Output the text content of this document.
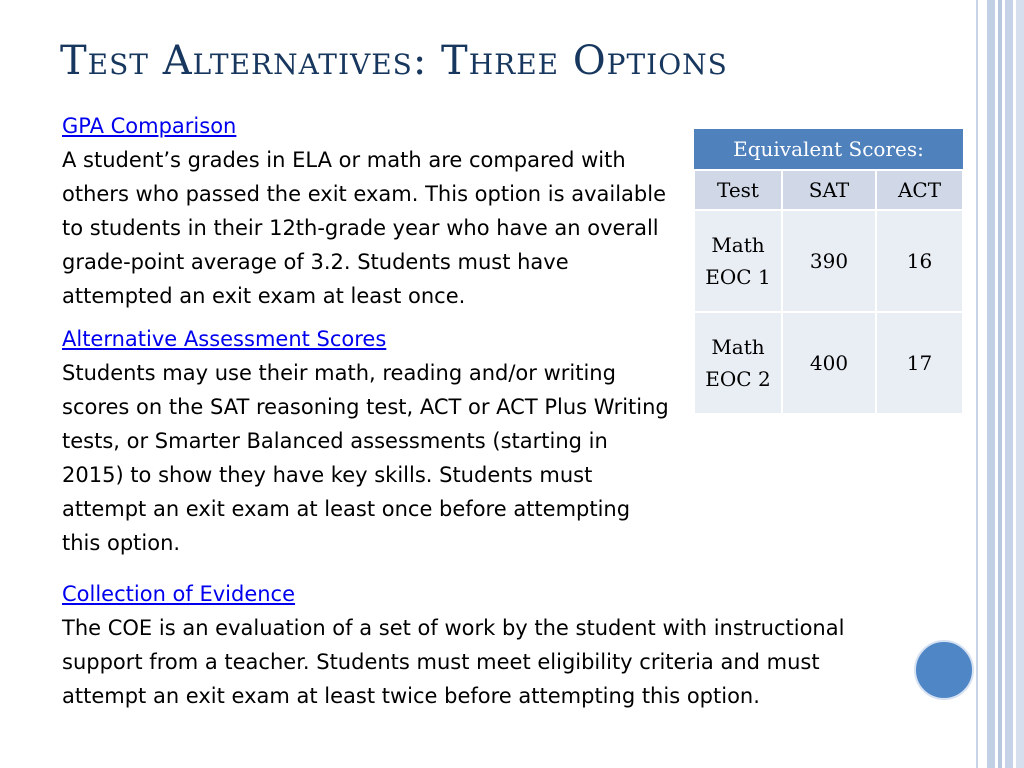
Test Alternatives: Three Options
GPA Comparison

A student’s grades in ELA or math are compared with others who passed the exit exam. This option is available to students in their 12th-grade year who have an overall grade-point average of 3.2. Students must have attempted an exit exam at least once.

Alternative Assessment Scores

Students may use their math, reading and/or writing scores on the SAT reasoning test, ACT or ACT Plus Writing tests, or Smarter Balanced assessments (starting in 2015) to show they have key skills. Students must attempt an exit exam at least once before attempting this option.

Collection of Evidence

The COE is an evaluation of a set of work by the student with instructional support from a teacher. Students must meet eligibility criteria and must attempt an exit exam at least twice before attempting this option.

Equivalent Scores:		
Test	SAT	ACT
Math EOC 1	390	16
Math EOC 2	400	17
